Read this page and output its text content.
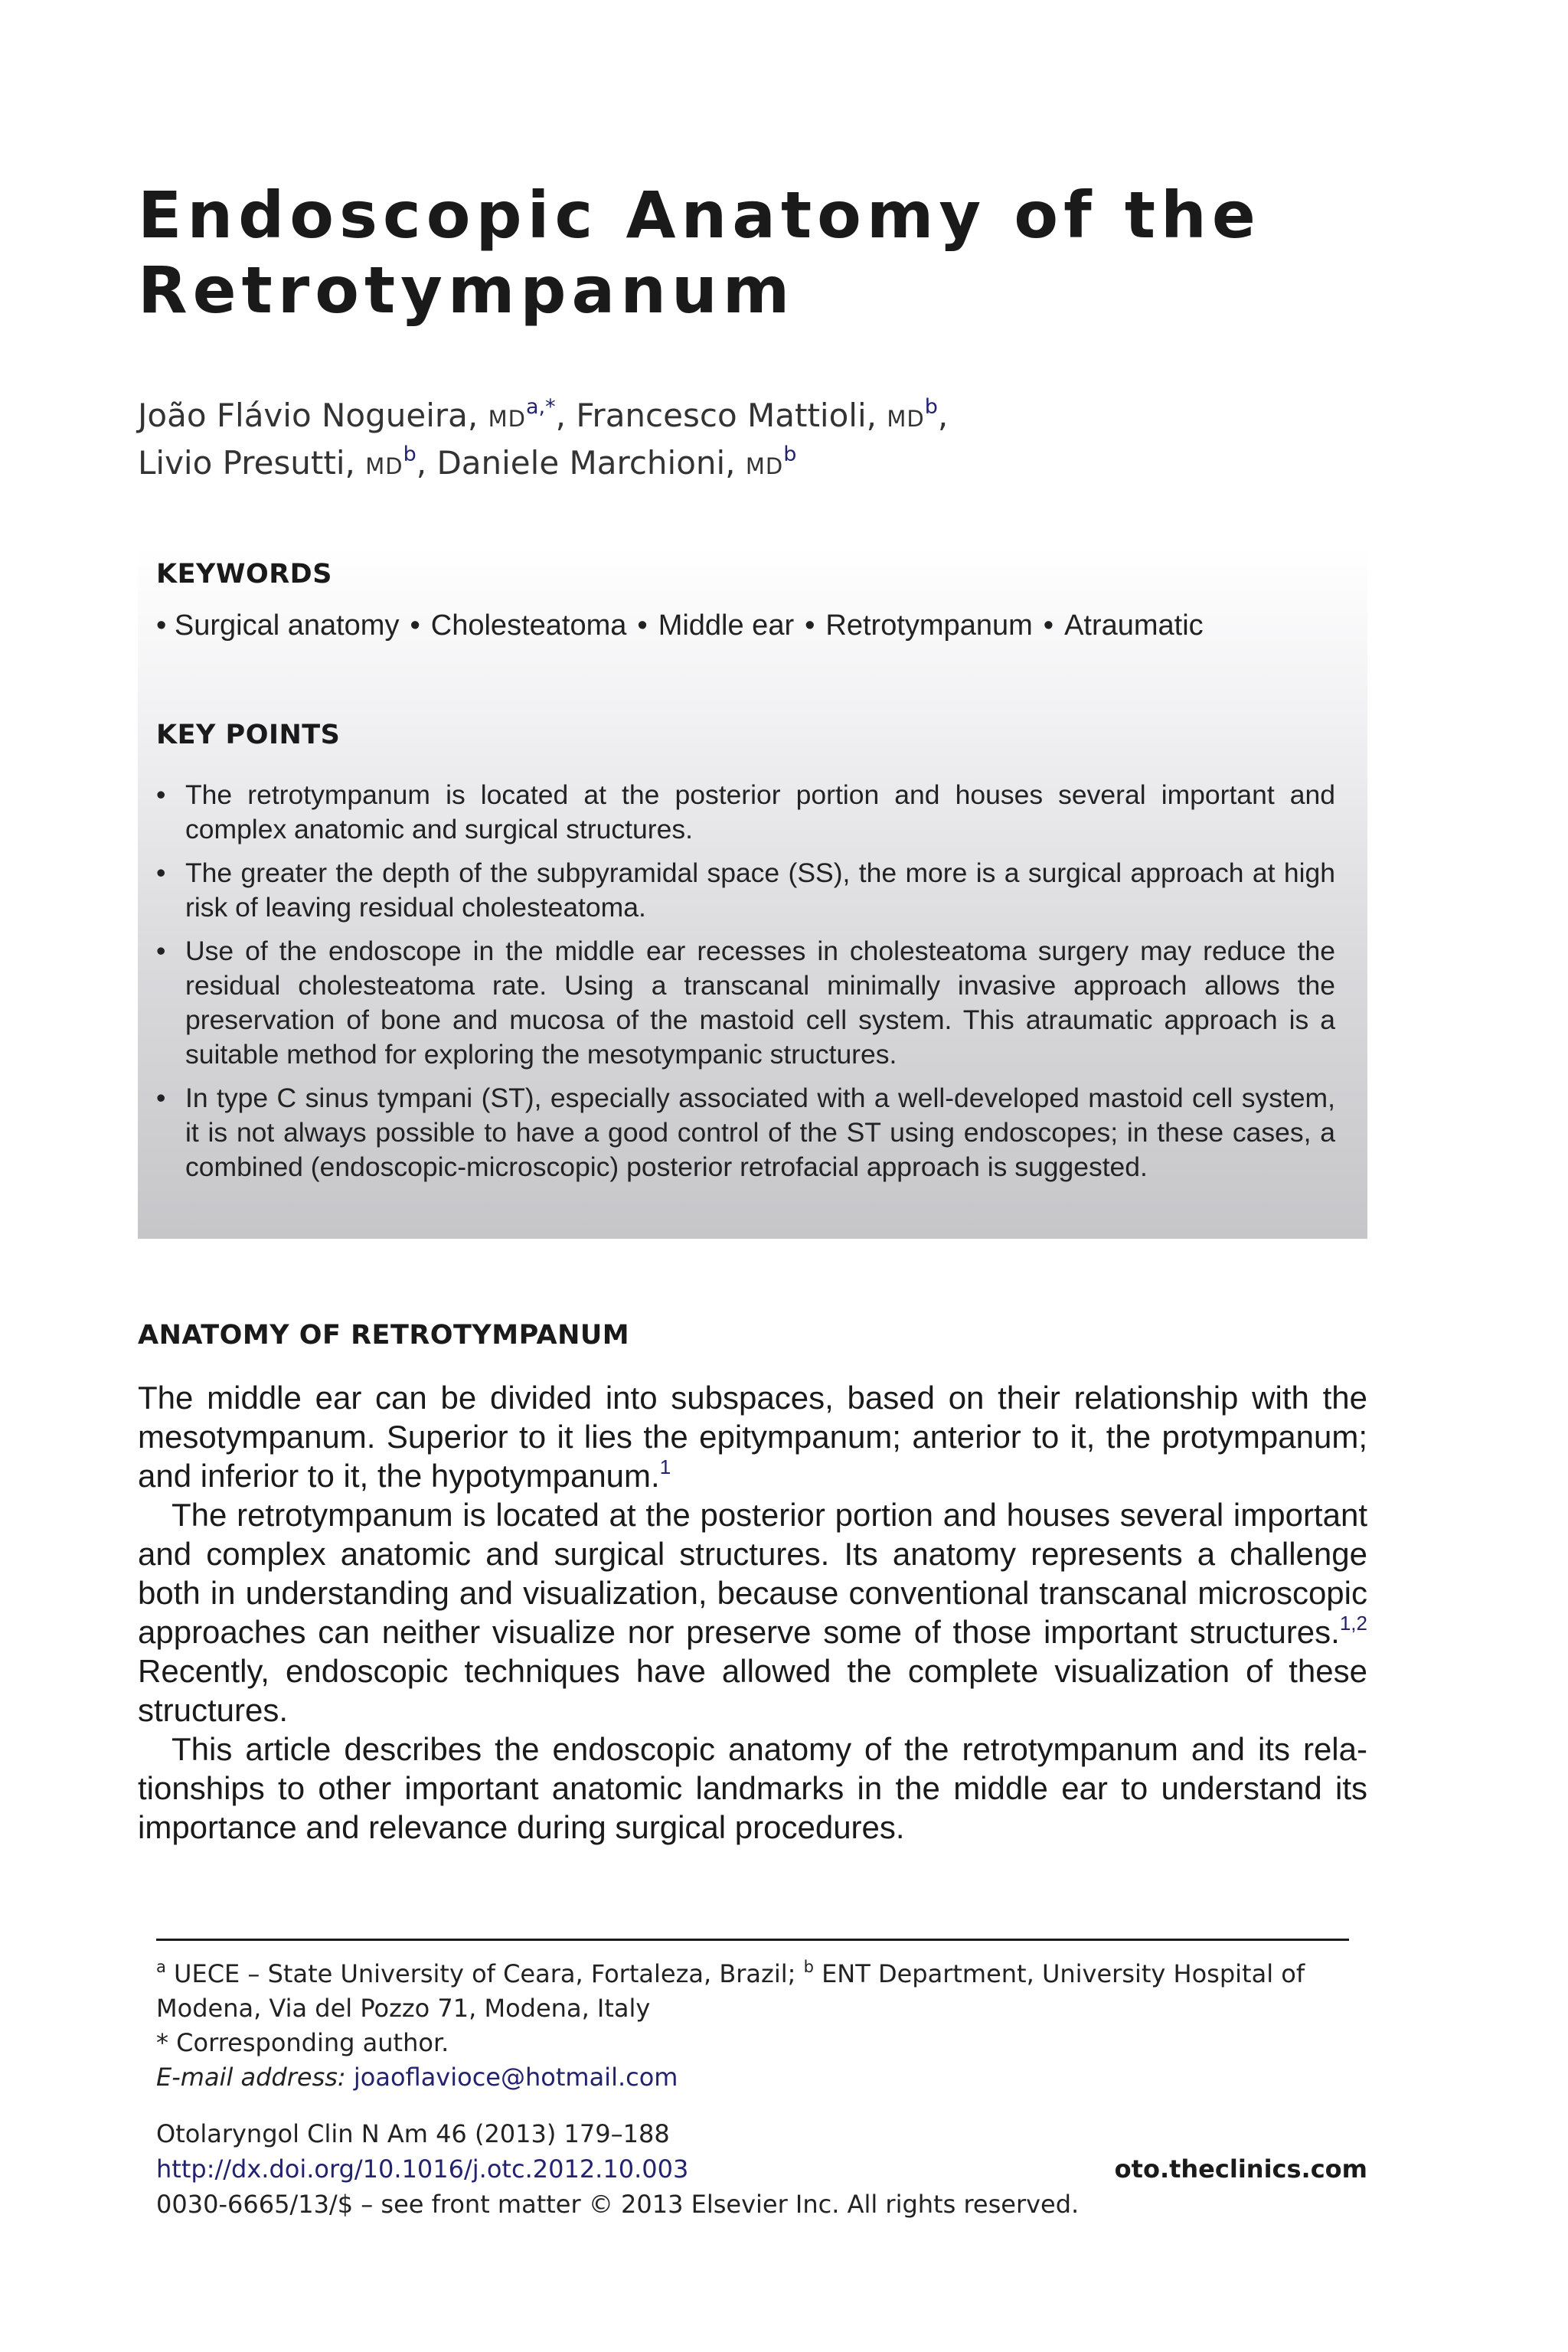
Endoscopic Anatomy of the
Retrotympanum
João Flávio Nogueira, $MD^{a,*}$, Francesco Mattioli, $MD^b$,
Livio Presutti, $MD^b$, Daniele Marchioni, $MD^b$
KEYWORDS
• Surgical anatomy • Cholesteatoma • Middle ear • Retrotympanum • Atraumatic
KEY POINTS
• The retrotympanum is located at the posterior portion and houses several important and complex anatomic and surgical structures.
• The greater the depth of the subpyramidal space (SS), the more is a surgical approach at high risk of leaving residual cholesteatoma.
• Use of the endoscope in the middle ear recesses in cholesteatoma surgery may reduce the residual cholesteatoma rate. Using a transcanal minimally invasive approach allows the preservation of bone and mucosa of the mastoid cell system. This atraumatic approach is a suitable method for exploring the mesotympanic structures.
• In type C sinus tympani (ST), especially associated with a well-developed mastoid cell system, it is not always possible to have a good control of the ST using endoscopes; in these cases, a combined (endoscopic-microscopic) posterior retrofacial approach is suggested.
ANATOMY OF RETROTYMPANUM

The middle ear can be divided into subspaces, based on their relationship with the mesotympanum. Superior to it lies the epitympanum; anterior to it, the protympanum; and inferior to it, the hypotympanum.$^1$

The retrotympanum is located at the posterior portion and houses several important and complex anatomic and surgical structures. Its anatomy represents a challenge both in understanding and visualization, because conventional transcanal microscopic approaches can neither visualize nor preserve some of those important structures.$^{1,2}$ Recently, endoscopic techniques have allowed the complete visualization of these structures.

This article describes the endoscopic anatomy of the retrotympanum and its relationships to other important anatomic landmarks in the middle ear to understand its importance and relevance during surgical procedures.

$^a$ UECE – State University of Ceara, Fortaleza, Brazil; $^b$ ENT Department, University Hospital of Modena, Via del Pozzo 71, Modena, Italy

* Corresponding author.

E-mail address: joaoflavioce@hotmail.com

Otolaryngol Clin N Am 46 (2013) 179–188

http://dx.doi.org/10.1016/j.otc.2012.10.003

0030-6665/13/$ – see front matter © 2013 Elsevier Inc. All rights reserved.

oto.theclinics.com
